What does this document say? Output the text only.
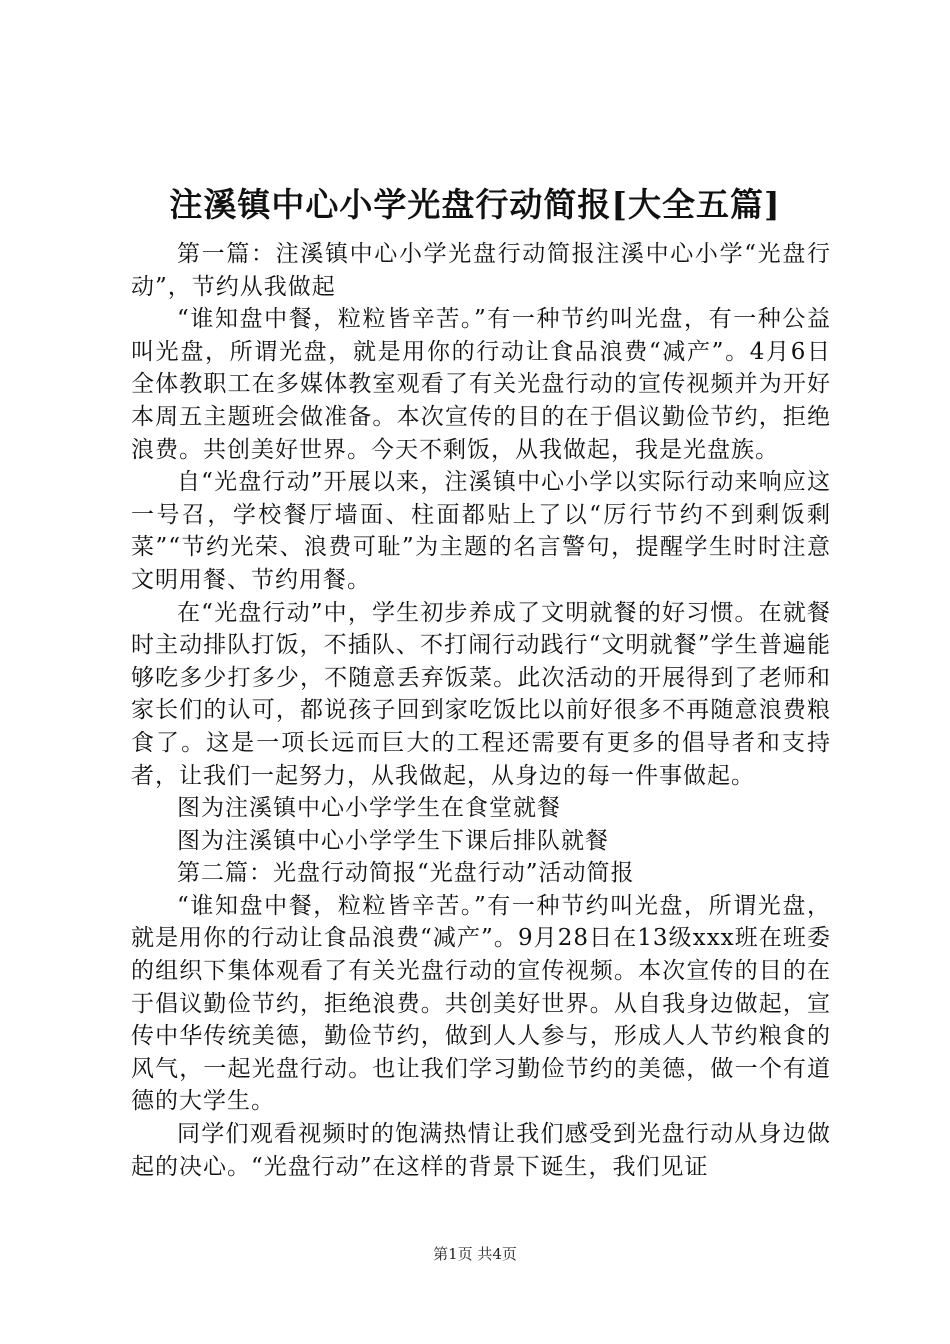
注溪镇中心小学光盘行动简报[大全五篇]

第一篇：注溪镇中心小学光盘行动简报注溪中心小学“光盘行动”，节约从我做起

“谁知盘中餐，粒粒皆辛苦。”有一种节约叫光盘，有一种公益叫光盘，所谓光盘，就是用你的行动让食品浪费“减产”。4月6日全体教职工在多媒体教室观看了有关光盘行动的宣传视频并为开好本周五主题班会做准备。本次宣传的目的在于倡议勤俭节约，拒绝浪费。共创美好世界。今天不剩饭，从我做起，我是光盘族。

自“光盘行动”开展以来，注溪镇中心小学以实际行动来响应这一号召，学校餐厅墙面、柱面都贴上了以“厉行节约不到剩饭剩菜”“节约光荣、浪费可耻”为主题的名言警句，提醒学生时时注意文明用餐、节约用餐。

在“光盘行动”中，学生初步养成了文明就餐的好习惯。在就餐时主动排队打饭，不插队、不打闹行动践行“文明就餐”学生普遍能够吃多少打多少，不随意丢弃饭菜。此次活动的开展得到了老师和家长们的认可，都说孩子回到家吃饭比以前好很多不再随意浪费粮食了。这是一项长远而巨大的工程还需要有更多的倡导者和支持者，让我们一起努力，从我做起，从身边的每一件事做起。

图为注溪镇中心小学学生在食堂就餐

图为注溪镇中心小学学生下课后排队就餐

第二篇：光盘行动简报“光盘行动”活动简报

“谁知盘中餐，粒粒皆辛苦。”有一种节约叫光盘，所谓光盘，就是用你的行动让食品浪费“减产”。9月28日在13级xxx班在班委的组织下集体观看了有关光盘行动的宣传视频。本次宣传的目的在于倡议勤俭节约，拒绝浪费。共创美好世界。从自我身边做起，宣传中华传统美德，勤俭节约，做到人人参与，形成人人节约粮食的风气，一起光盘行动。也让我们学习勤俭节约的美德，做一个有道德的大学生。

同学们观看视频时的饱满热情让我们感受到光盘行动从身边做起的决心。“光盘行动”在这样的背景下诞生，我们见证

第1页 共4页
